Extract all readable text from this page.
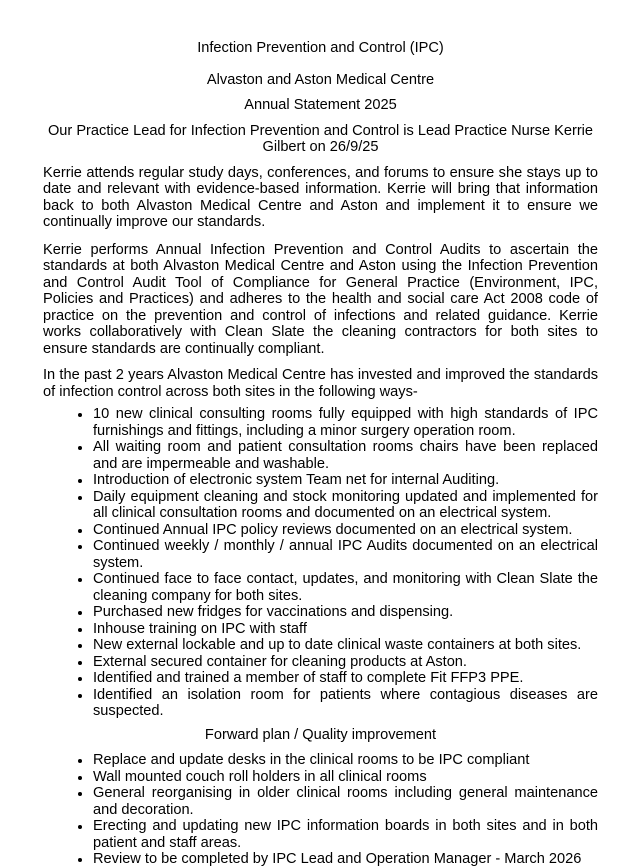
Infection Prevention and Control (IPC)

Alvaston and Aston Medical Centre

Annual Statement 2025

Our Practice Lead for Infection Prevention and Control is Lead Practice Nurse Kerrie Gilbert on 26/9/25

Kerrie attends regular study days, conferences, and forums to ensure she stays up to date and relevant with evidence-based information. Kerrie will bring that information back to both Alvaston Medical Centre and Aston and implement it to ensure we continually improve our standards.

Kerrie performs Annual Infection Prevention and Control Audits to ascertain the standards at both Alvaston Medical Centre and Aston using the Infection Prevention and Control Audit Tool of Compliance for General Practice (Environment, IPC, Policies and Practices) and adheres to the health and social care Act 2008 code of practice on the prevention and control of infections and related guidance. Kerrie works collaboratively with Clean Slate the cleaning contractors for both sites to ensure standards are continually compliant.

In the past 2 years Alvaston Medical Centre has invested and improved the standards of infection control across both sites in the following ways-

• 10 new clinical consulting rooms fully equipped with high standards of IPC furnishings and fittings, including a minor surgery operation room.
• All waiting room and patient consultation rooms chairs have been replaced and are impermeable and washable.
• Introduction of electronic system Team net for internal Auditing.
• Daily equipment cleaning and stock monitoring updated and implemented for all clinical consultation rooms and documented on an electrical system.
• Continued Annual IPC policy reviews documented on an electrical system.
• Continued weekly / monthly / annual IPC Audits documented on an electrical system.
• Continued face to face contact, updates, and monitoring with Clean Slate the cleaning company for both sites.
• Purchased new fridges for vaccinations and dispensing.
• Inhouse training on IPC with staff
• New external lockable and up to date clinical waste containers at both sites.
• External secured container for cleaning products at Aston.
• Identified and trained a member of staff to complete Fit FFP3 PPE.
• Identified an isolation room for patients where contagious diseases are suspected.

Forward plan / Quality improvement

• Replace and update desks in the clinical rooms to be IPC compliant
• Wall mounted couch roll holders in all clinical rooms
• General reorganising in older clinical rooms including general maintenance and decoration.
• Erecting and updating new IPC information boards in both sites and in both patient and staff areas.
• Review to be completed by IPC Lead and Operation Manager - March 2026
